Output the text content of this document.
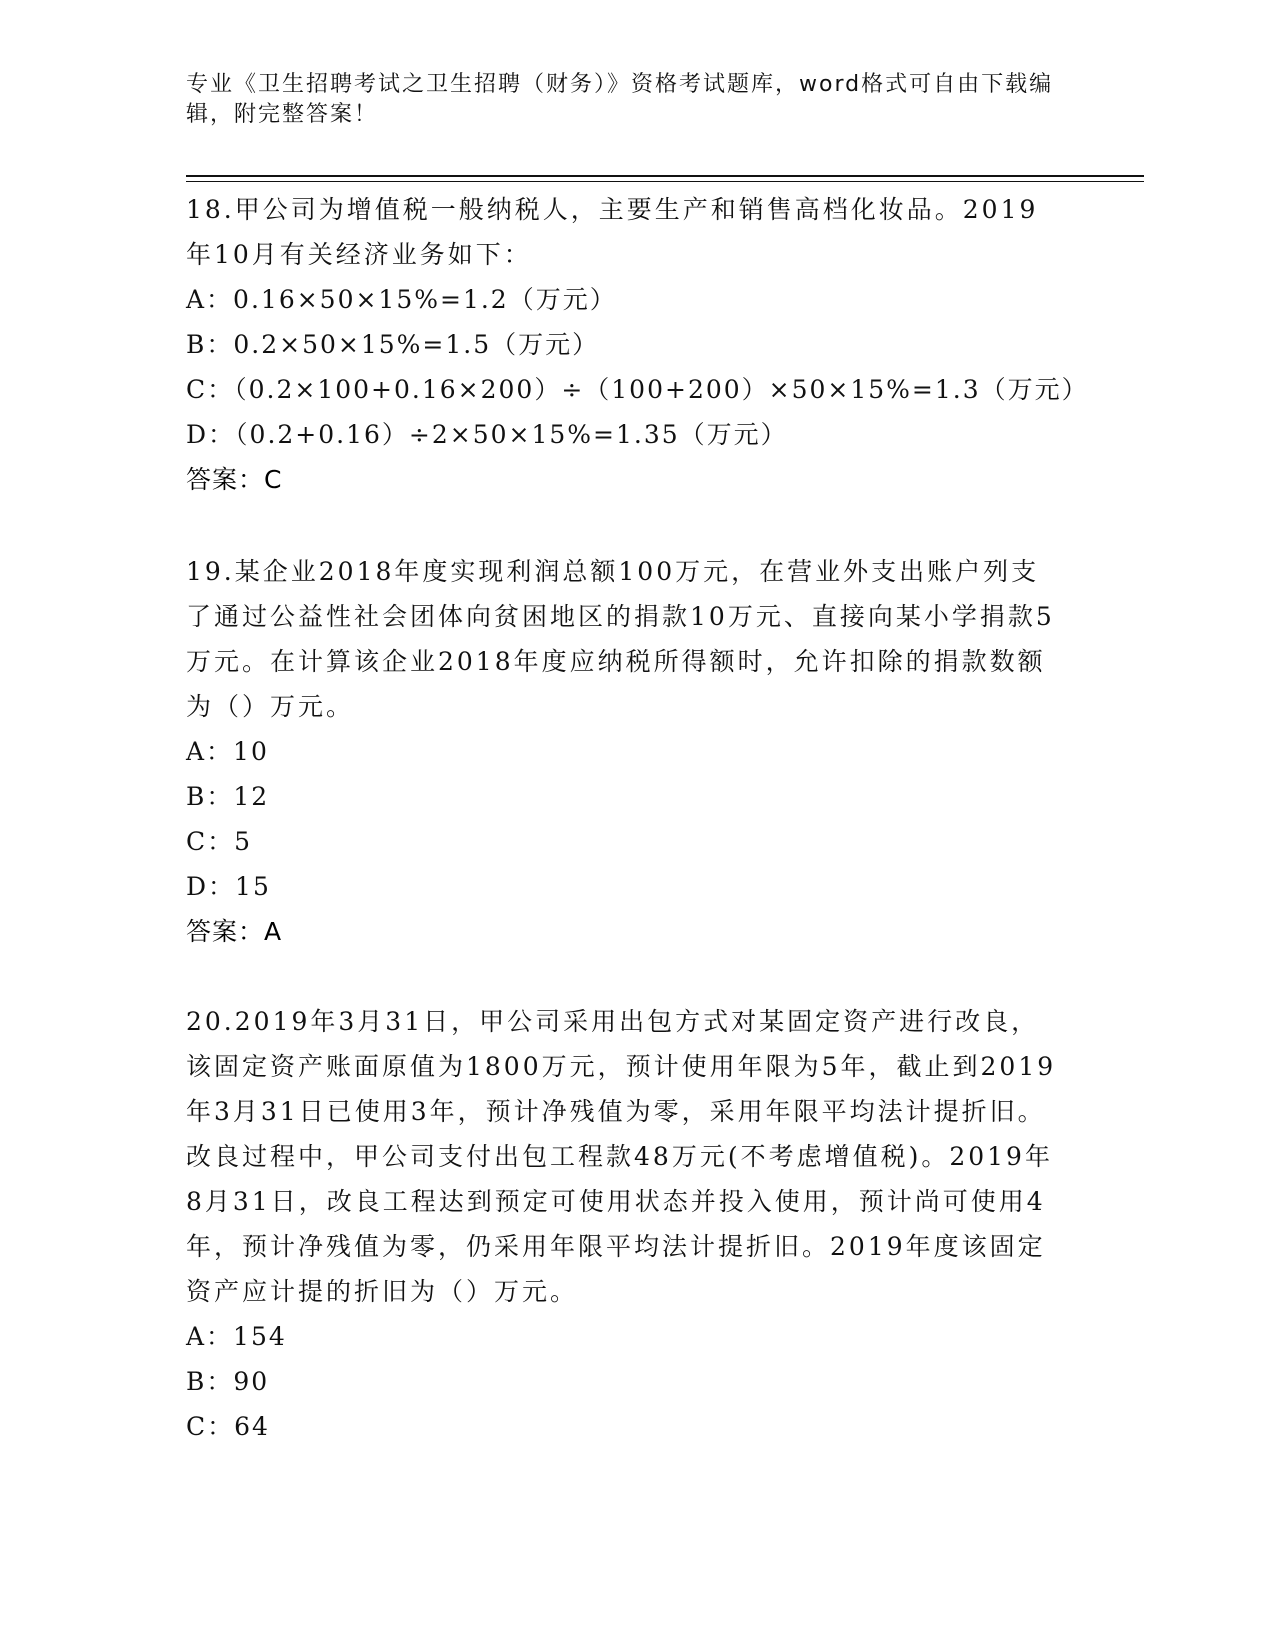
专业《卫生招聘考试之卫生招聘（财务）》资格考试题库，word格式可自由下载编辑，附完整答案！

18.甲公司为增值税一般纳税人，主要生产和销售高档化妆品。2019年10月有关经济业务如下：

A：0.16×50×15%=1.2（万元）

B：0.2×50×15%=1.5（万元）

C：（0.2×100+0.16×200）÷（100+200）×50×15%=1.3（万元）

D：（0.2+0.16）÷2×50×15%=1.35（万元）

答案：C

19.某企业2018年度实现利润总额100万元，在营业外支出账户列支了通过公益性社会团体向贫困地区的捐款10万元、直接向某小学捐款5万元。在计算该企业2018年度应纳税所得额时，允许扣除的捐款数额为（）万元。

A：10

B：12

C：5

D：15

答案：A

20.2019年3月31日，甲公司采用出包方式对某固定资产进行改良，该固定资产账面原值为1800万元，预计使用年限为5年，截止到2019年3月31日已使用3年，预计净残值为零，采用年限平均法计提折旧。改良过程中，甲公司支付出包工程款48万元(不考虑增值税)。2019年8月31日，改良工程达到预定可使用状态并投入使用，预计尚可使用4年，预计净残值为零，仍采用年限平均法计提折旧。2019年度该固定资产应计提的折旧为（）万元。

A：154

B：90

C：64
